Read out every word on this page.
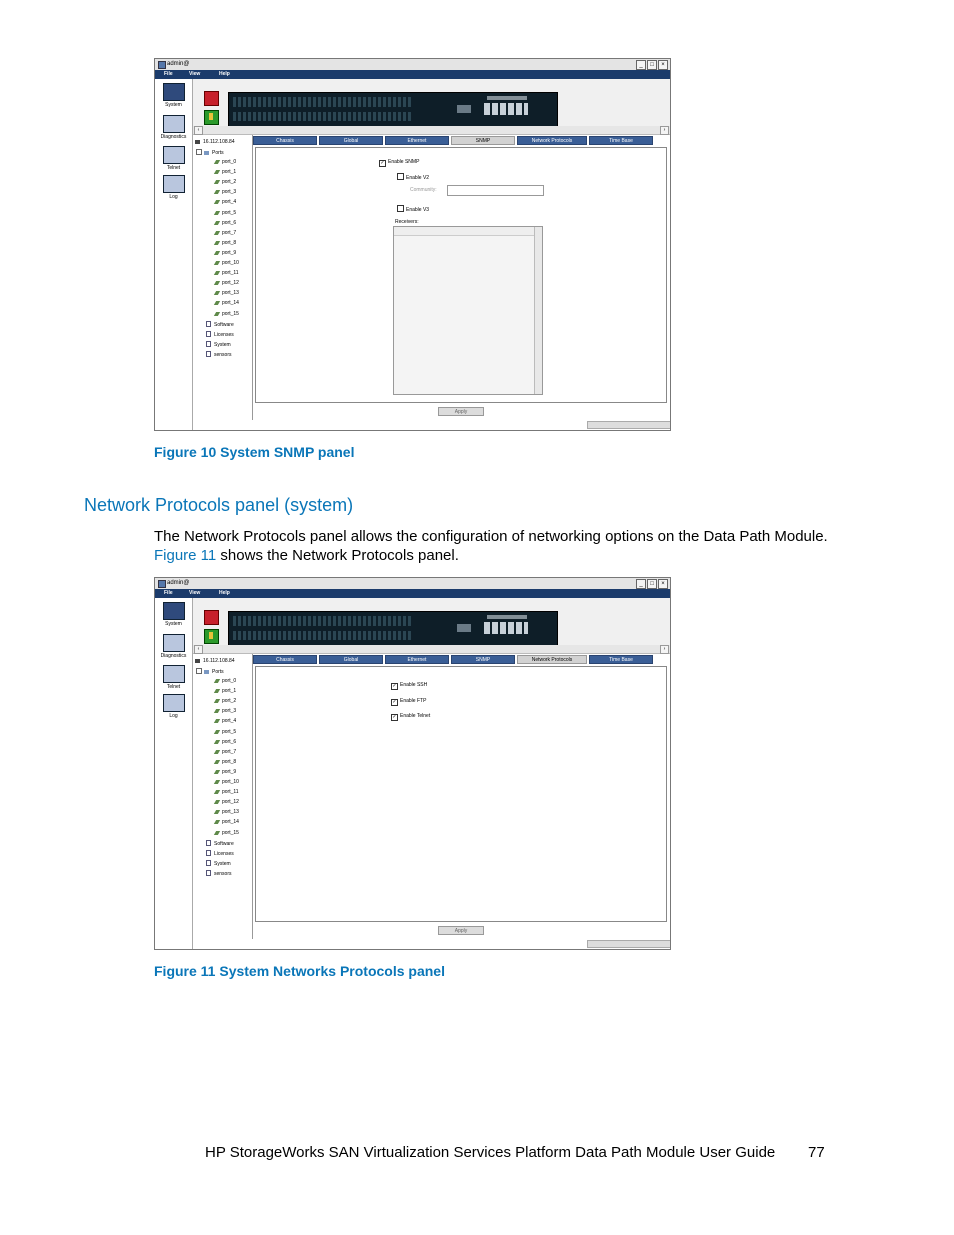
admin@	_	□	×
File	View	Help
System
Diagnostics
Telnet
Log
‹	›
16.112.108.84
Ports
port_0
port_1
port_2
port_3
port_4
port_5
port_6
port_7
port_8
port_9
port_10
port_11
port_12
port_13
port_14
port_15
Software
Licenses
System
sensors
Chassis	Global	Ethernet	SNMP	Network Protocols	Time Base
✓ Enable SNMP
Enable V2
Community:
Enable V3
Receivers:
Apply
Figure 10 System SNMP panel
Network Protocols panel (system)
The Network Protocols panel allows the configuration of networking options on the Data Path Module.
Figure 11 shows the Network Protocols panel.
admin@	_	□	×
File	View	Help
System
Diagnostics
Telnet
Log
‹	›
16.112.108.84
Ports
port_0
port_1
port_2
port_3
port_4
port_5
port_6
port_7
port_8
port_9
port_10
port_11
port_12
port_13
port_14
port_15
Software
Licenses
System
sensors
Chassis	Global	Ethernet	SNMP	Network Protocols	Time Base
✓ Enable SSH
✓ Enable FTP
✓ Enable Telnet
Apply
Figure 11 System Networks Protocols panel
HP StorageWorks SAN Virtualization Services Platform Data Path Module User Guide 77
